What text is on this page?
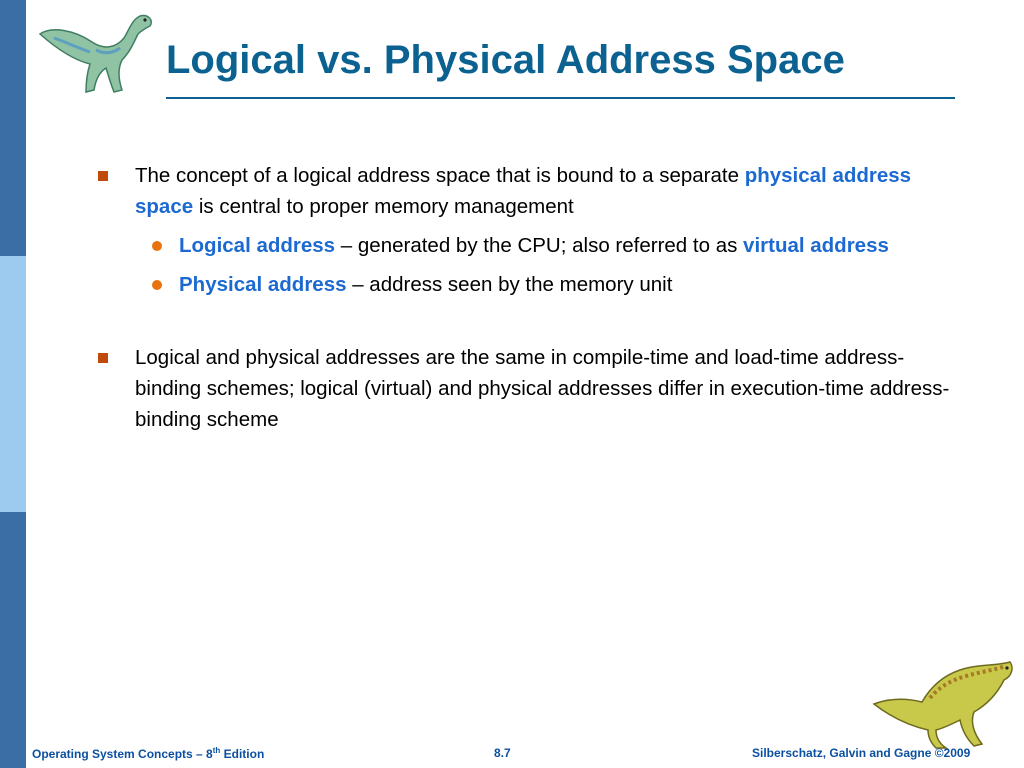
Logical vs. Physical Address Space
The concept of a logical address space that is bound to a separate physical address space is central to proper memory management
Logical address – generated by the CPU; also referred to as virtual address
Physical address – address seen by the memory unit
Logical and physical addresses are the same in compile-time and load-time address-binding schemes; logical (virtual) and physical addresses differ in execution-time address-binding scheme
Operating System Concepts – 8th Edition	8.7	Silberschatz, Galvin and Gagne ©2009
